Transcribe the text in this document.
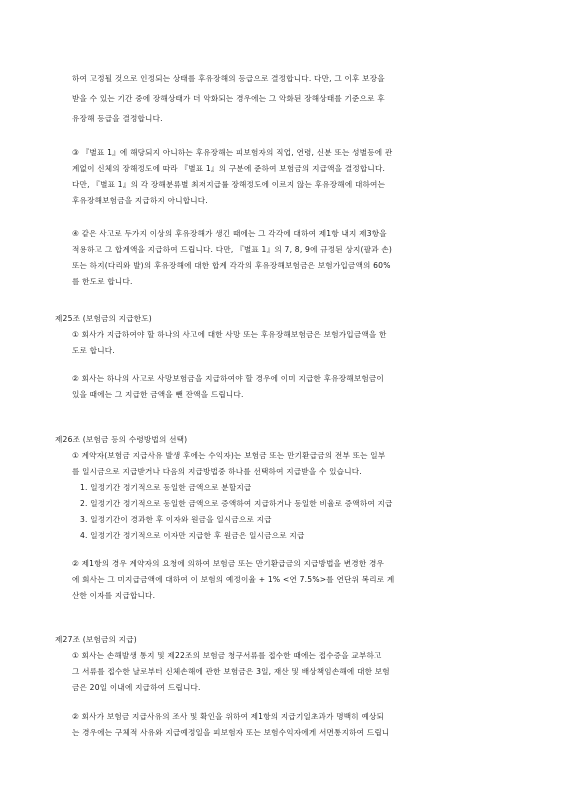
하여 고정될 것으로 인정되는 상태를 후유장해의 등급으로 결정합니다. 다만, 그 이후 보장을
받을 수 있는 기간 중에 장해상태가 더 악화되는 경우에는 그 악화된 장해상태를 기준으로 후
유장해 등급을 결정합니다.
③ 『별표 1』에 해당되지 아니하는 후유장해는 피보험자의 직업, 연령, 신분 또는 성별등에 관
계없이 신체의 장해정도에 따라 『별표 1』의 구분에 준하여 보험금의 지급액을 결정합니다.
다만, 『별표 1』의 각 장해분류별 최저지급률 장해정도에 이르지 않는 후유장해에 대하여는
후유장해보험금을 지급하지 아니합니다.
④ 같은 사고로 두가지 이상의 후유장해가 생긴 때에는 그 각각에 대하여 제1항 내지 제3항을
적용하고 그 합계액을 지급하여 드립니다. 다만, 『별표 1』의 7, 8, 9에 규정된 상지(팔과 손)
또는 하지(다리와 발)의 후유장해에 대한 합계 각각의 후유장해보험금은 보험가입금액의 60%
를 한도로 합니다.
제25조 (보험금의 지급한도)
① 회사가 지급하여야 할 하나의 사고에 대한 사망 또는 후유장해보험금은 보험가입금액을 한
도로 합니다.
② 회사는 하나의 사고로 사망보험금을 지급하여야 할 경우에 이미 지급한 후유장해보험금이
있을 때에는 그 지급한 금액을 뺀 잔액을 드립니다.
제26조 (보험금 등의 수령방법의 선택)
① 계약자(보험금 지급사유 발생 후에는 수익자)는 보험금 또는 만기환급금의 전부 또는 일부
를 일시금으로 지급받거나 다음의 지급방법중 하나를 선택하여 지급받을 수 있습니다.
1. 일정기간 정기적으로 동일한 금액으로 분할지급
2. 일정기간 정기적으로 동일한 금액으로 증액하여 지급하거나 동일한 비율로 증액하여 지급
3. 일정기간이 경과한 후 이자와 원금을 일시금으로 지급
4. 일정기간 정기적으로 이자만 지급한 후 원금은 일시금으로 지급
② 제1항의 경우 계약자의 요청에 의하여 보험금 또는 만기환급금의 지급방법을 변경한 경우
에 회사는 그 미지급금액에 대하여 이 보험의 예정이율 + 1% <연 7.5%>를 연단위 복리로 계
산한 이자를 지급합니다.
제27조 (보험금의 지급)
① 회사는 손해발생 통지 및 제22조의 보험금 청구서류를 접수한 때에는 접수증을 교부하고
그 서류를 접수한 날로부터 신체손해에 관한 보험금은 3일, 재산 및 배상책임손해에 대한 보험
금은 20일 이내에 지급하여 드립니다.
② 회사가 보험금 지급사유의 조사 및 확인을 위하여 제1항의 지급기일초과가 명백히 예상되
는 경우에는 구체적 사유와 지급예정일을 피보험자 또는 보험수익자에게 서면통지하여 드립니
